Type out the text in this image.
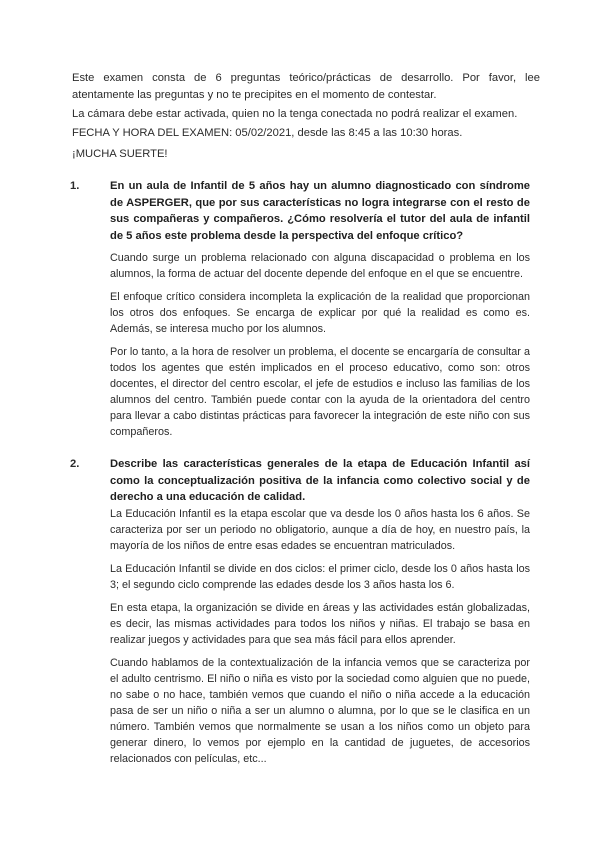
Este examen consta de 6 preguntas teórico/prácticas de desarrollo. Por favor, lee atentamente las preguntas y no te precipites en el momento de contestar.

La cámara debe estar activada, quien no la tenga conectada no podrá realizar el examen.

FECHA Y HORA DEL EXAMEN: 05/02/2021, desde las 8:45 a las 10:30 horas.

¡MUCHA SUERTE!

1.	En un aula de Infantil de 5 años hay un alumno diagnosticado con síndrome de ASPERGER, que por sus características no logra integrarse con el resto de sus compañeras y compañeros. ¿Cómo resolvería el tutor del aula de infantil de 5 años este problema desde la perspectiva del enfoque crítico?

Cuando surge un problema relacionado con alguna discapacidad o problema en los alumnos, la forma de actuar del docente depende del enfoque en el que se encuentre.

El enfoque crítico considera incompleta la explicación de la realidad que proporcionan los otros dos enfoques. Se encarga de explicar por qué la realidad es como es. Además, se interesa mucho por los alumnos.

Por lo tanto, a la hora de resolver un problema, el docente se encargaría de consultar a todos los agentes que estén implicados en el proceso educativo, como son: otros docentes, el director del centro escolar, el jefe de estudios e incluso las familias de los alumnos del centro. También puede contar con la ayuda de la orientadora del centro para llevar a cabo distintas prácticas para favorecer la integración de este niño con sus compañeros.

2.	Describe las características generales de la etapa de Educación Infantil así como la conceptualización positiva de la infancia como colectivo social y de derecho a una educación de calidad.

La Educación Infantil es la etapa escolar que va desde los 0 años hasta los 6 años. Se caracteriza por ser un periodo no obligatorio, aunque a día de hoy, en nuestro país, la mayoría de los niños de entre esas edades se encuentran matriculados.

La Educación Infantil se divide en dos ciclos: el primer ciclo, desde los 0 años hasta los 3; el segundo ciclo comprende las edades desde los 3 años hasta los 6.

En esta etapa, la organización se divide en áreas y las actividades están globalizadas, es decir, las mismas actividades para todos los niños y niñas. El trabajo se basa en realizar juegos y actividades para que sea más fácil para ellos aprender.

Cuando hablamos de la contextualización de la infancia vemos que se caracteriza por el adulto centrismo. El niño o niña es visto por la sociedad como alguien que no puede, no sabe o no hace, también vemos que cuando el niño o niña accede a la educación pasa de ser un niño o niña a ser un alumno o alumna, por lo que se le clasifica en un número. También vemos que normalmente se usan a los niños como un objeto para generar dinero, lo vemos por ejemplo en la cantidad de juguetes, de accesorios relacionados con películas, etc...
